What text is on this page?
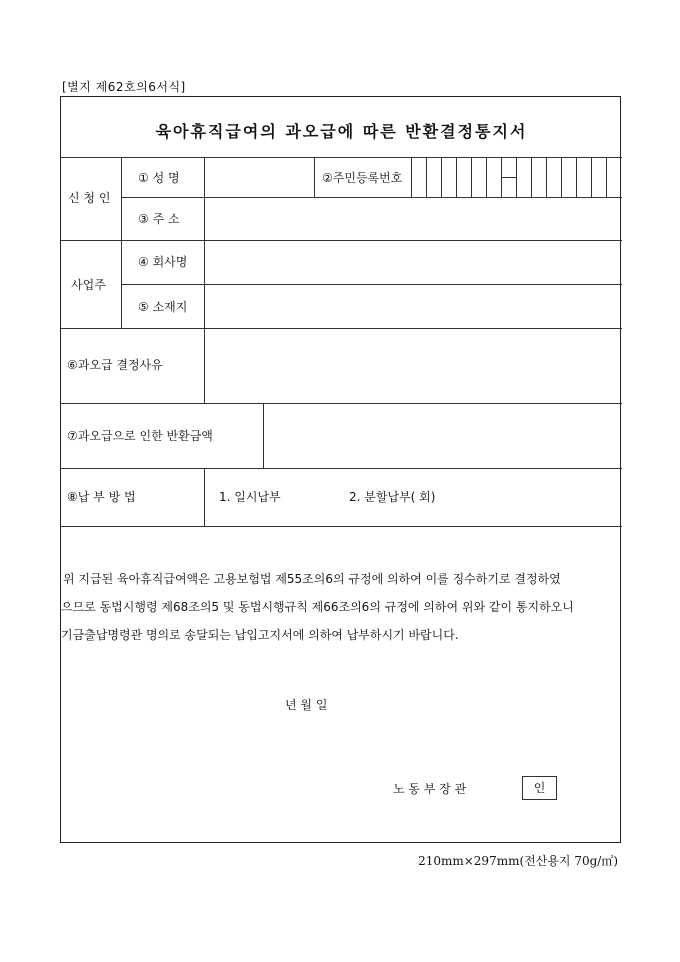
[별지 제62호의6서식]
육아휴직급여의 과오급에 따른 반환결정통지서
신 청 인
① 성 명	②주민등록번호
③ 주 소
사업주
④ 회사명
⑤ 소재지
⑥과오급 결정사유
⑦과오급으로 인한 반환금액
⑧납 부 방 법	1. 일시납부	2. 분할납부( 회)
위 지급된 육아휴직급여액은 고용보험법 제55조의6의 규정에 의하여 이를 징수하기로 결정하였
으므로 동법시행령 제68조의5 및 동법시행규칙 제66조의6의 규정에 의하여 위와 같이 통지하오니
기금출납명령관 명의로 송달되는 납입고지서에 의하여 납부하시기 바랍니다.
년 월 일
노 동 부 장 관	인
210mm×297mm(전산용지 70g/㎡)
